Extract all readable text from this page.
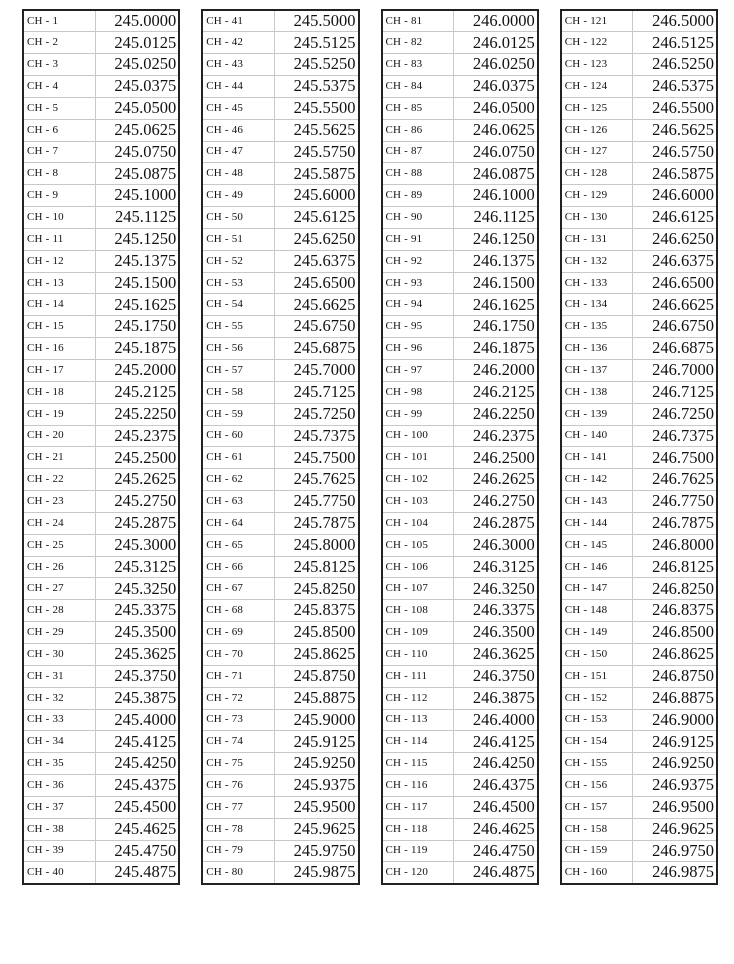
CH - 1	245.0000
CH - 2	245.0125
CH - 3	245.0250
CH - 4	245.0375
CH - 5	245.0500
CH - 6	245.0625
CH - 7	245.0750
CH - 8	245.0875
CH - 9	245.1000
CH - 10	245.1125
CH - 11	245.1250
CH - 12	245.1375
CH - 13	245.1500
CH - 14	245.1625
CH - 15	245.1750
CH - 16	245.1875
CH - 17	245.2000
CH - 18	245.2125
CH - 19	245.2250
CH - 20	245.2375
CH - 21	245.2500
CH - 22	245.2625
CH - 23	245.2750
CH - 24	245.2875
CH - 25	245.3000
CH - 26	245.3125
CH - 27	245.3250
CH - 28	245.3375
CH - 29	245.3500
CH - 30	245.3625
CH - 31	245.3750
CH - 32	245.3875
CH - 33	245.4000
CH - 34	245.4125
CH - 35	245.4250
CH - 36	245.4375
CH - 37	245.4500
CH - 38	245.4625
CH - 39	245.4750
CH - 40	245.4875
CH - 41	245.5000
CH - 42	245.5125
CH - 43	245.5250
CH - 44	245.5375
CH - 45	245.5500
CH - 46	245.5625
CH - 47	245.5750
CH - 48	245.5875
CH - 49	245.6000
CH - 50	245.6125
CH - 51	245.6250
CH - 52	245.6375
CH - 53	245.6500
CH - 54	245.6625
CH - 55	245.6750
CH - 56	245.6875
CH - 57	245.7000
CH - 58	245.7125
CH - 59	245.7250
CH - 60	245.7375
CH - 61	245.7500
CH - 62	245.7625
CH - 63	245.7750
CH - 64	245.7875
CH - 65	245.8000
CH - 66	245.8125
CH - 67	245.8250
CH - 68	245.8375
CH - 69	245.8500
CH - 70	245.8625
CH - 71	245.8750
CH - 72	245.8875
CH - 73	245.9000
CH - 74	245.9125
CH - 75	245.9250
CH - 76	245.9375
CH - 77	245.9500
CH - 78	245.9625
CH - 79	245.9750
CH - 80	245.9875
CH - 81	246.0000
CH - 82	246.0125
CH - 83	246.0250
CH - 84	246.0375
CH - 85	246.0500
CH - 86	246.0625
CH - 87	246.0750
CH - 88	246.0875
CH - 89	246.1000
CH - 90	246.1125
CH - 91	246.1250
CH - 92	246.1375
CH - 93	246.1500
CH - 94	246.1625
CH - 95	246.1750
CH - 96	246.1875
CH - 97	246.2000
CH - 98	246.2125
CH - 99	246.2250
CH - 100	246.2375
CH - 101	246.2500
CH - 102	246.2625
CH - 103	246.2750
CH - 104	246.2875
CH - 105	246.3000
CH - 106	246.3125
CH - 107	246.3250
CH - 108	246.3375
CH - 109	246.3500
CH - 110	246.3625
CH - 111	246.3750
CH - 112	246.3875
CH - 113	246.4000
CH - 114	246.4125
CH - 115	246.4250
CH - 116	246.4375
CH - 117	246.4500
CH - 118	246.4625
CH - 119	246.4750
CH - 120	246.4875
CH - 121	246.5000
CH - 122	246.5125
CH - 123	246.5250
CH - 124	246.5375
CH - 125	246.5500
CH - 126	246.5625
CH - 127	246.5750
CH - 128	246.5875
CH - 129	246.6000
CH - 130	246.6125
CH - 131	246.6250
CH - 132	246.6375
CH - 133	246.6500
CH - 134	246.6625
CH - 135	246.6750
CH - 136	246.6875
CH - 137	246.7000
CH - 138	246.7125
CH - 139	246.7250
CH - 140	246.7375
CH - 141	246.7500
CH - 142	246.7625
CH - 143	246.7750
CH - 144	246.7875
CH - 145	246.8000
CH - 146	246.8125
CH - 147	246.8250
CH - 148	246.8375
CH - 149	246.8500
CH - 150	246.8625
CH - 151	246.8750
CH - 152	246.8875
CH - 153	246.9000
CH - 154	246.9125
CH - 155	246.9250
CH - 156	246.9375
CH - 157	246.9500
CH - 158	246.9625
CH - 159	246.9750
CH - 160	246.9875
